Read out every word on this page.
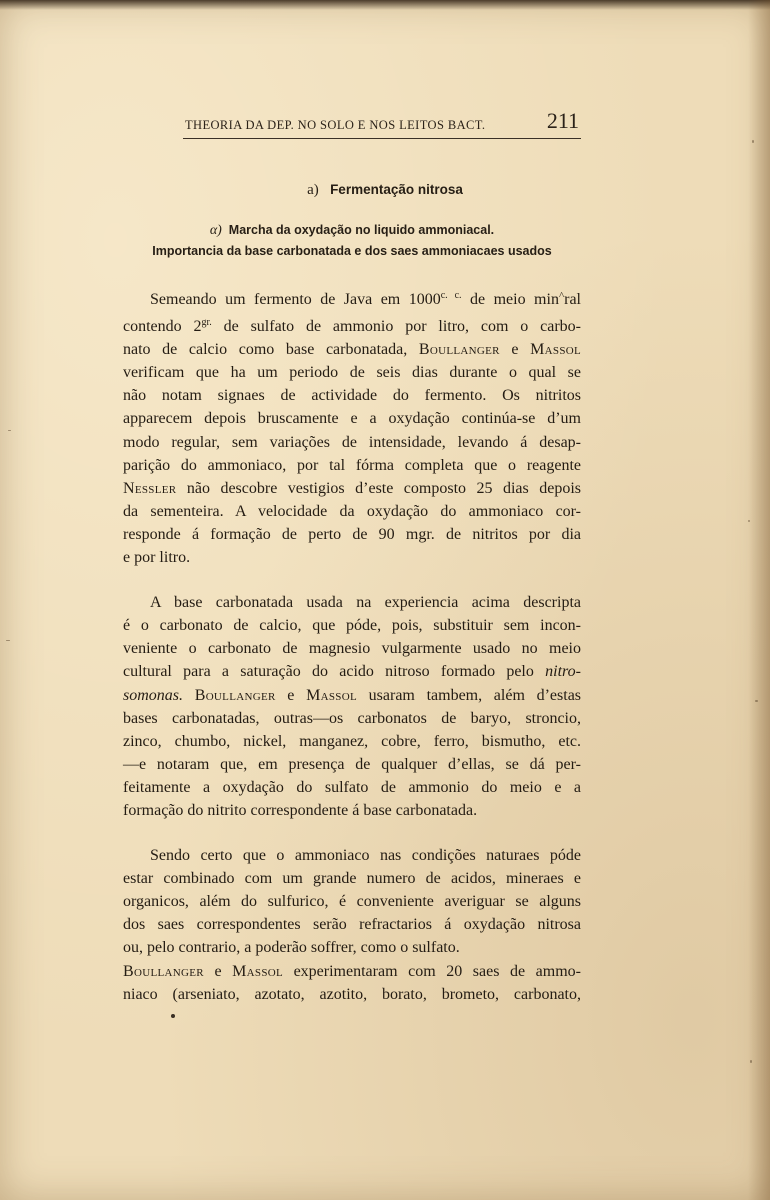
THEORIA DA DEP. NO SOLO E NOS LEITOS BACT.	211
a) Fermentação nitrosa
α) Marcha da oxydação no liquido ammoniacal.
Importancia da base carbonatada e dos saes ammoniacaes usados
Semeando um fermento de Java em $1000^{c. c.}$ de meio min^ral
contendo $2^{gr.}$ de sulfato de ammonio por litro, com o carbo-
nato de calcio como base carbonatada, Boullanger e Massol
verificam que ha um periodo de seis dias durante o qual se
não notam signaes de actividade do fermento. Os nitritos
apparecem depois bruscamente e a oxydação continúa-se d’um
modo regular, sem variações de intensidade, levando á desap-
parição do ammoniaco, por tal fórma completa que o reagente
Nessler não descobre vestigios d’este composto 25 dias depois
da sementeira. A velocidade da oxydação do ammoniaco cor-
responde á formação de perto de 90 mgr. de nitritos por dia
e por litro.
A base carbonatada usada na experiencia acima descripta
é o carbonato de calcio, que póde, pois, substituir sem incon-
veniente o carbonato de magnesio vulgarmente usado no meio
cultural para a saturação do acido nitroso formado pelo nitro-
somonas. Boullanger e Massol usaram tambem, além d’estas
bases carbonatadas, outras—os carbonatos de baryo, stroncio,
zinco, chumbo, nickel, manganez, cobre, ferro, bismutho, etc.
—e notaram que, em presença de qualquer d’ellas, se dá per-
feitamente a oxydação do sulfato de ammonio do meio e a
formação do nitrito correspondente á base carbonatada.
Sendo certo que o ammoniaco nas condições naturaes póde
estar combinado com um grande numero de acidos, mineraes e
organicos, além do sulfurico, é conveniente averiguar se alguns
dos saes correspondentes serão refractarios á oxydação nitrosa
ou, pelo contrario, a poderão soffrer, como o sulfato.
Boullanger e Massol experimentaram com 20 saes de ammo-
niaco (arseniato, azotato, azotito, borato, brometo, carbonato,
